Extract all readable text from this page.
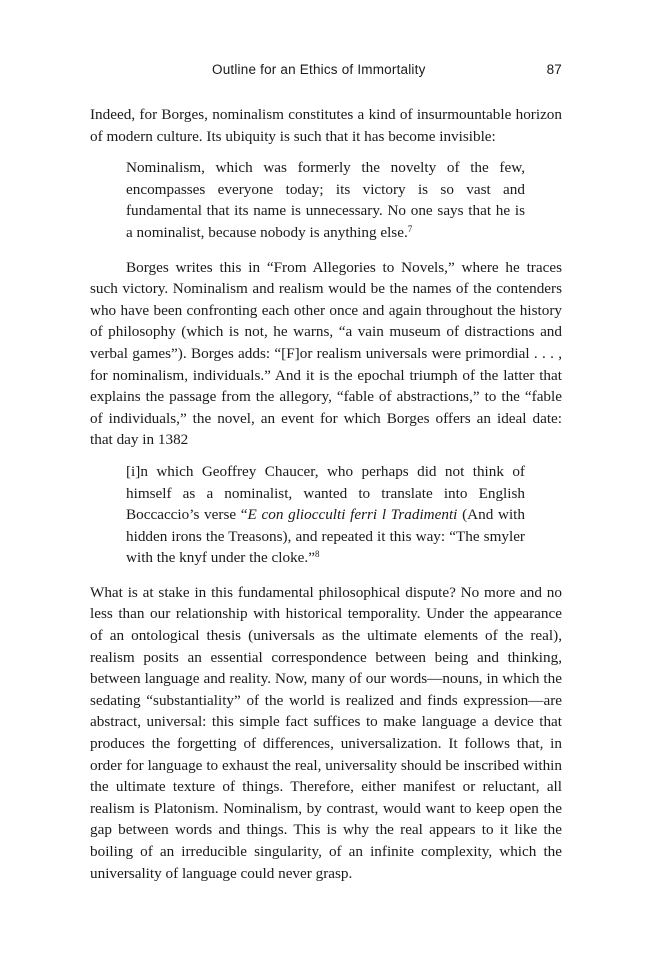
Outline for an Ethics of Immortality	87

Indeed, for Borges, nominalism constitutes a kind of insurmountable horizon of modern culture. Its ubiquity is such that it has become invisible:

Nominalism, which was formerly the novelty of the few, encompasses everyone today; its victory is so vast and fundamental that its name is unnecessary. No one says that he is a nominalist, because nobody is anything else.$^7$

Borges writes this in “From Allegories to Novels,” where he traces such victory. Nominalism and realism would be the names of the contenders who have been confronting each other once and again throughout the history of philosophy (which is not, he warns, “a vain museum of distractions and verbal games”). Borges adds: “[F]or realism universals were primordial . . . , for nominalism, individuals.” And it is the epochal triumph of the latter that explains the passage from the allegory, “fable of abstractions,” to the “fable of individuals,” the novel, an event for which Borges offers an ideal date: that day in 1382

[i]n which Geoffrey Chaucer, who perhaps did not think of himself as a nominalist, wanted to translate into English Boccaccio’s verse “E con gliocculti ferri l Tradimenti (And with hidden irons the Treasons), and repeated it this way: “The smyler with the knyf under the cloke.”$^8$

What is at stake in this fundamental philosophical dispute? No more and no less than our relationship with historical temporality. Under the appearance of an ontological thesis (universals as the ultimate elements of the real), realism posits an essential correspondence between being and thinking, between language and reality. Now, many of our words—nouns, in which the sedating “substantiality” of the world is realized and finds expression—are abstract, universal: this simple fact suffices to make language a device that produces the forgetting of differences, universalization. It follows that, in order for language to exhaust the real, universality should be inscribed within the ultimate texture of things. Therefore, either manifest or reluctant, all realism is Platonism. Nominalism, by contrast, would want to keep open the gap between words and things. This is why the real appears to it like the boiling of an irreducible singularity, of an infinite complexity, which the universality of language could never grasp.
